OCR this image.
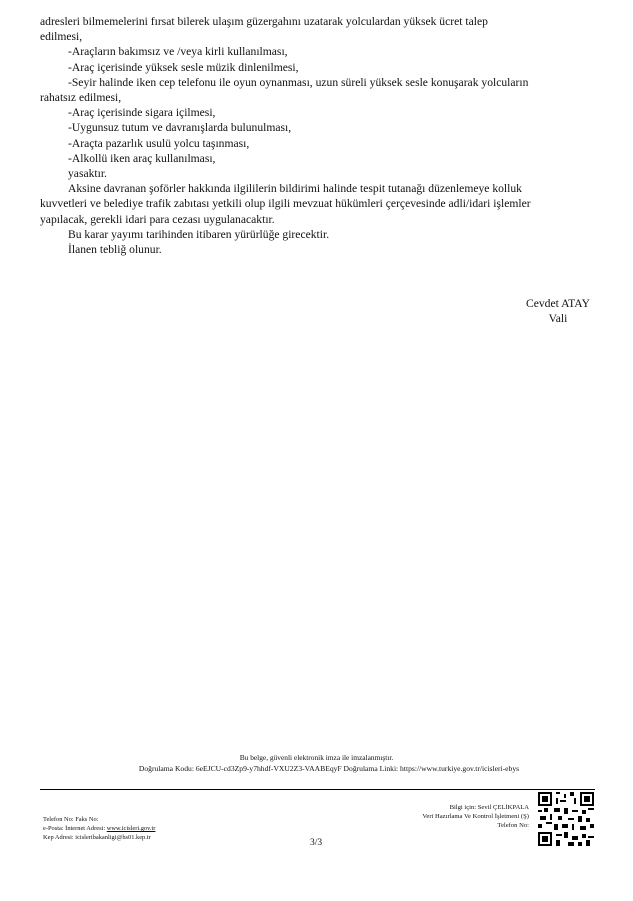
adresleri bilmemelerini fırsat bilerek ulaşım güzergahını uzatarak yolculardan yüksek ücret talep

edilmesi,

-Araçların bakımsız ve /veya kirli kullanılması,

-Araç içerisinde yüksek sesle müzik dinlenilmesi,

-Seyir halinde iken cep telefonu ile oyun oynanması, uzun süreli yüksek sesle konuşarak yolcuların

rahatsız edilmesi,

-Araç içerisinde sigara içilmesi,

-Uygunsuz tutum ve davranışlarda bulunulması,

-Araçta pazarlık usulü yolcu taşınması,

-Alkollü iken araç kullanılması,

yasaktır.

Aksine davranan şoförler hakkında ilgililerin bildirimi halinde tespit tutanağı düzenlemeye kolluk

kuvvetleri ve belediye trafik zabıtası yetkili olup ilgili mevzuat hükümleri çerçevesinde adli/idari işlemler

yapılacak, gerekli idari para cezası uygulanacaktır.

Bu karar yayımı tarihinden itibaren yürürlüğe girecektir.

İlanen tebliğ olunur.

Cevdet ATAY
Vali
Bu belge, güvenli elektronik imza ile imzalanmıştır.
Doğrulama Kodu: 6eEJCU-cd3Zp9-y7hhdf-VXU2Z3-VAABEqyF Doğrulama Linki: https://www.turkiye.gov.tr/icisleri-ebys
Telefon No: Faks No:
e-Posta: İnternet Adresi: www.icisleri.gov.tr
Kep Adresi: icisleribakanligi@hs01.kep.tr
Bilgi için: Sevil ÇELİKPALA
Veri Hazırlama Ve Kontrol İşletmeni (Ş)
Telefon No:
3/3
